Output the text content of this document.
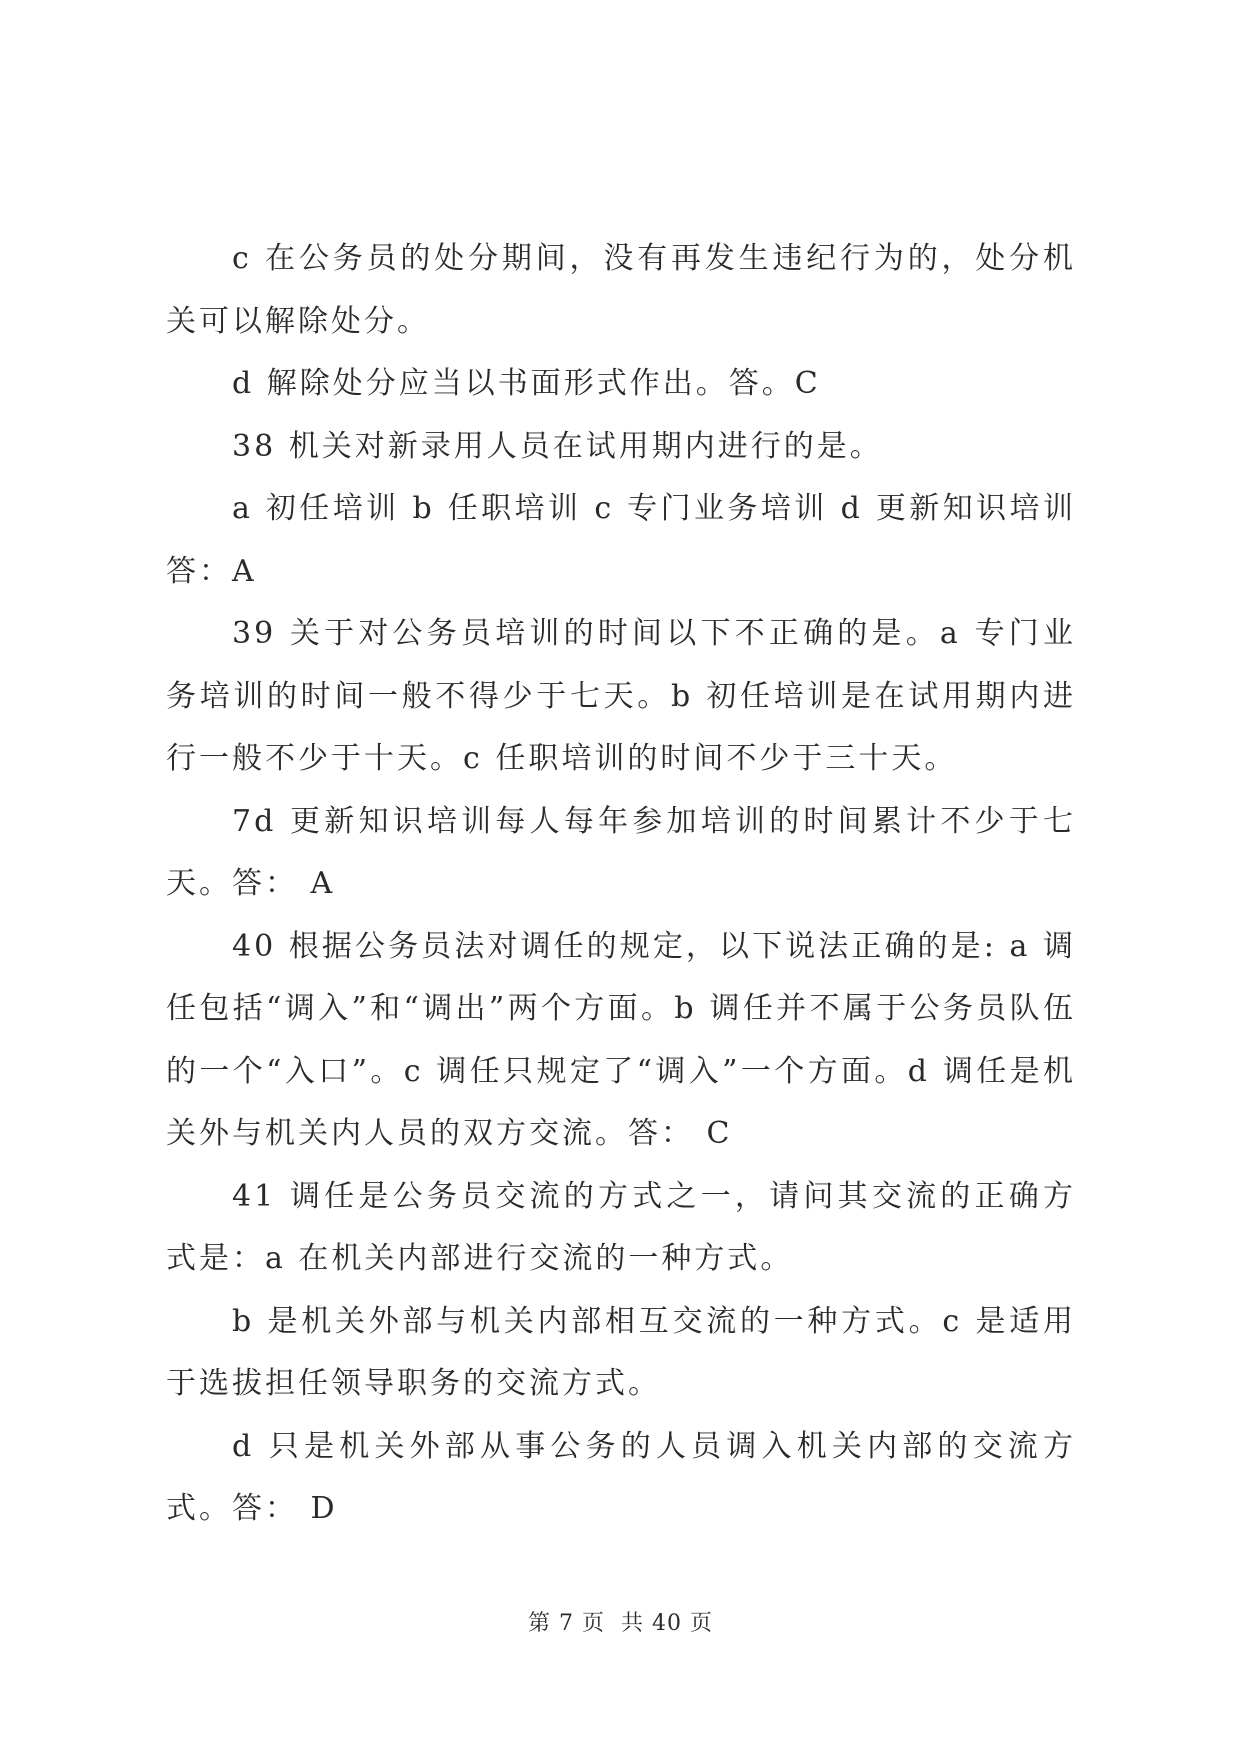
c 在公务员的处分期间，没有再发生违纪行为的，处分机关可以解除处分。

d 解除处分应当以书面形式作出。答。C

38 机关对新录用人员在试用期内进行的是。

a 初任培训 b 任职培训 c 专门业务培训 d 更新知识培训答：A

39 关于对公务员培训的时间以下不正确的是。a 专门业务培训的时间一般不得少于七天。b 初任培训是在试用期内进行一般不少于十天。c 任职培训的时间不少于三十天。

7d 更新知识培训每人每年参加培训的时间累计不少于七天。答： A

40 根据公务员法对调任的规定，以下说法正确的是: a 调任包括“调入”和“调出”两个方面。b 调任并不属于公务员队伍的一个“入口”。c 调任只规定了“调入”一个方面。d 调任是机关外与机关内人员的双方交流。答： C

41 调任是公务员交流的方式之一，请问其交流的正确方式是：a 在机关内部进行交流的一种方式。

b 是机关外部与机关内部相互交流的一种方式。c 是适用于选拔担任领导职务的交流方式。

d 只是机关外部从事公务的人员调入机关内部的交流方式。答： D

第 7 页 共 40 页
